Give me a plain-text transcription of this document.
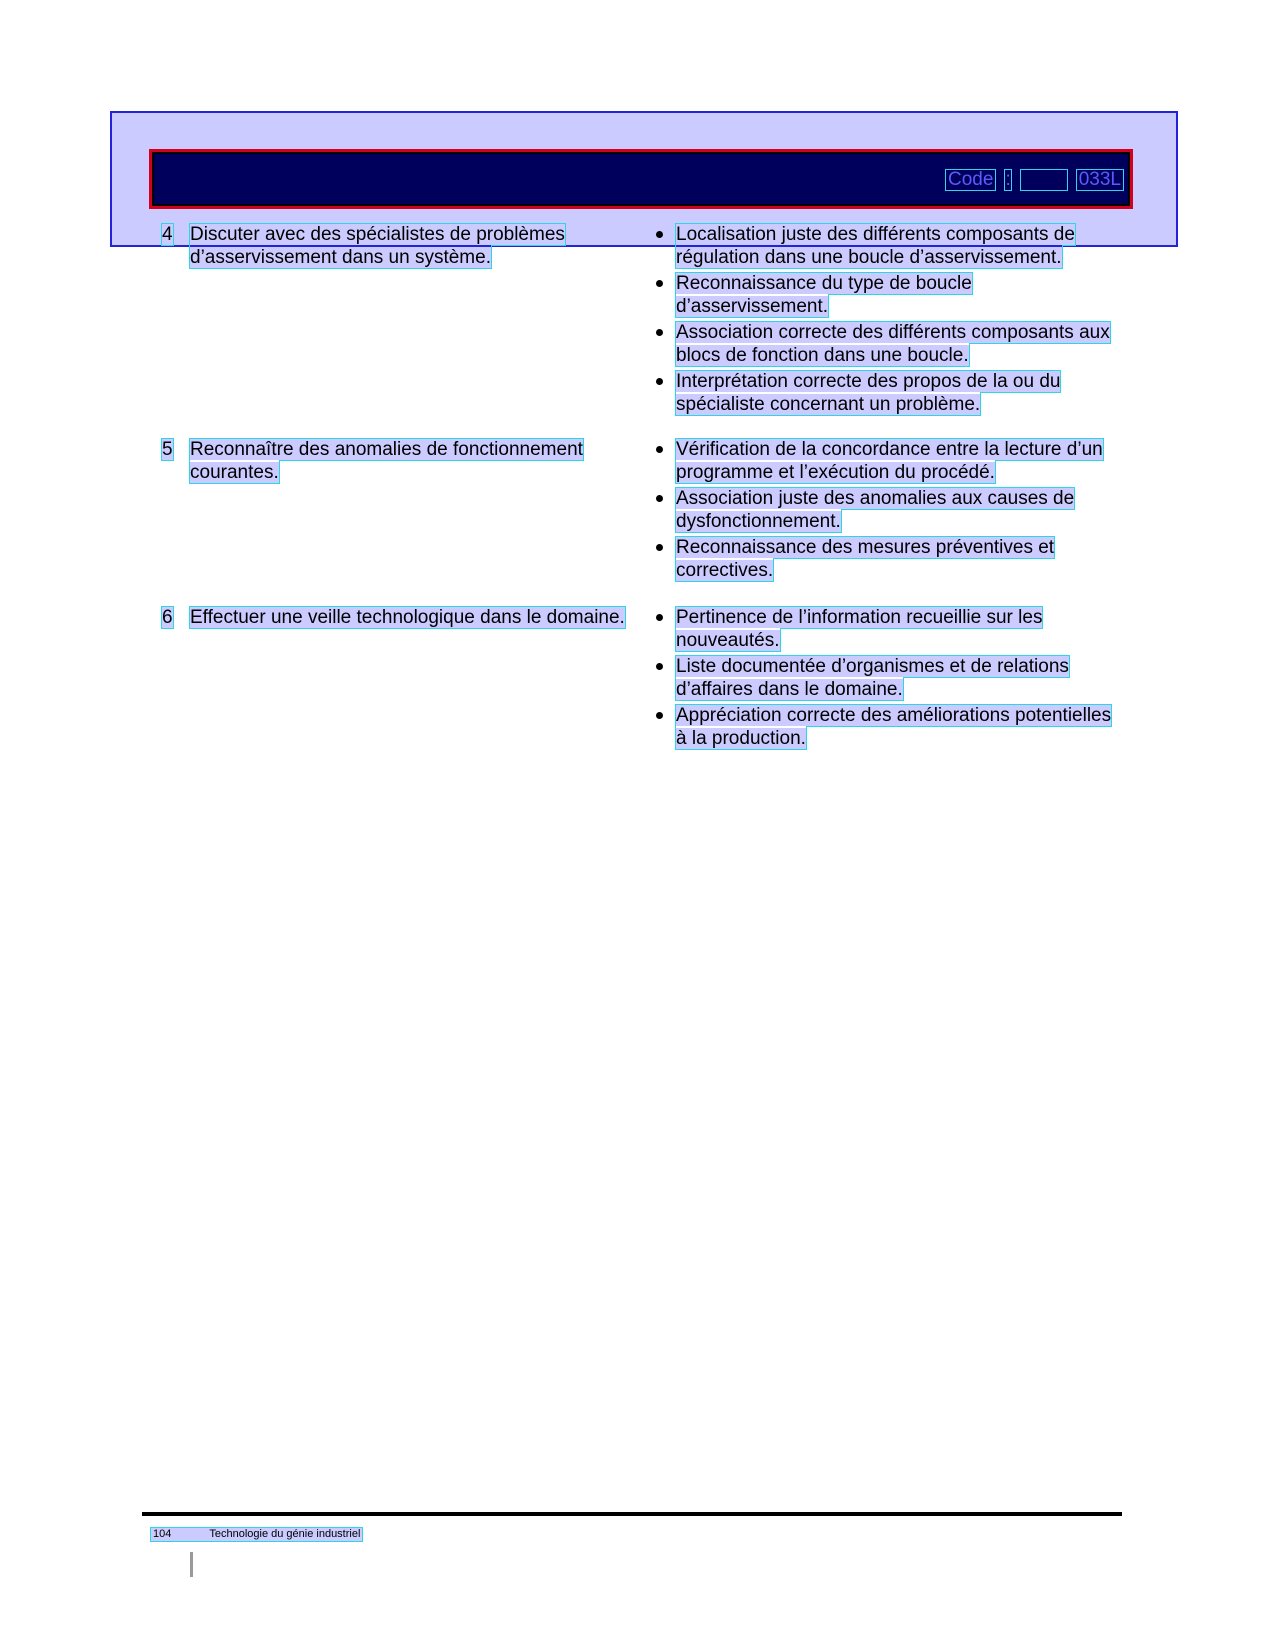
Code :	033L
4 Discuter avec des spécialistes de problèmes d’asservissement dans un système.
Localisation juste des différents composants de régulation dans une boucle d’asservissement.
Reconnaissance du type de boucle d’asservissement.
Association correcte des différents composants aux blocs de fonction dans une boucle.
Interprétation correcte des propos de la ou du spécialiste concernant un problème.
5 Reconnaître des anomalies de fonctionnement courantes.
Vérification de la concordance entre la lecture d’un programme et l’exécution du procédé.
Association juste des anomalies aux causes de dysfonctionnement.
Reconnaissance des mesures préventives et correctives.
6 Effectuer une veille technologique dans le domaine.	Pertinence de l’information recueillie sur les nouveautés.
Liste documentée d’organismes et de relations d’affaires dans le domaine.
Appréciation correcte des améliorations potentielles à la production.
104	Technologie du génie industriel
